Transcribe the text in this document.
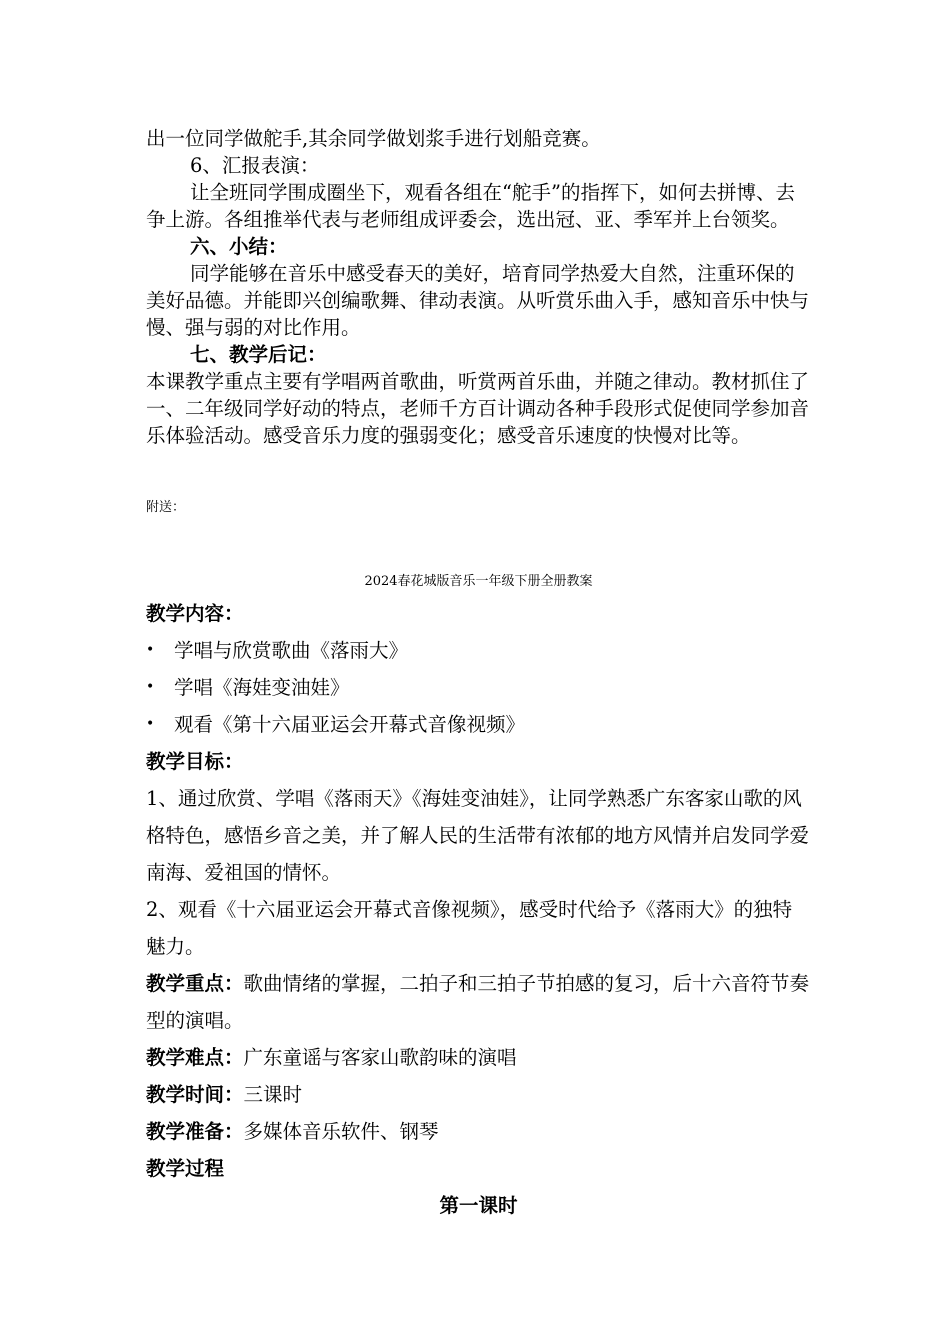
出一位同学做舵手,其余同学做划浆手进行划船竞赛。

6、汇报表演：

让全班同学围成圈坐下，观看各组在“舵手”的指挥下，如何去拼博、去争上游。各组推举代表与老师组成评委会，选出冠、亚、季军并上台领奖。

六、小结：

同学能够在音乐中感受春天的美好，培育同学热爱大自然，注重环保的美好品德。并能即兴创编歌舞、律动表演。从听赏乐曲入手，感知音乐中快与慢、强与弱的对比作用。

七、教学后记：

本课教学重点主要有学唱两首歌曲，听赏两首乐曲，并随之律动。教材抓住了一、二年级同学好动的特点，老师千方百计调动各种手段形式促使同学参加音乐体验活动。感受音乐力度的强弱变化；感受音乐速度的快慢对比等。

附送：
2024春花城版音乐一年级下册全册教案

教学内容：

• 学唱与欣赏歌曲《落雨大》
• 学唱《海娃变油娃》
• 观看《第十六届亚运会开幕式音像视频》

教学目标：

1、通过欣赏、学唱《落雨天》《海娃变油娃》，让同学熟悉广东客家山歌的风格特色，感悟乡音之美，并了解人民的生活带有浓郁的地方风情并启发同学爱南海、爱祖国的情怀。

2、观看《十六届亚运会开幕式音像视频》，感受时代给予《落雨大》的独特魅力。

教学重点：歌曲情绪的掌握，二拍子和三拍子节拍感的复习，后十六音符节奏型的演唱。

教学难点：广东童谣与客家山歌韵味的演唱

教学时间：三课时

教学准备：多媒体音乐软件、钢琴

教学过程

第一课时
